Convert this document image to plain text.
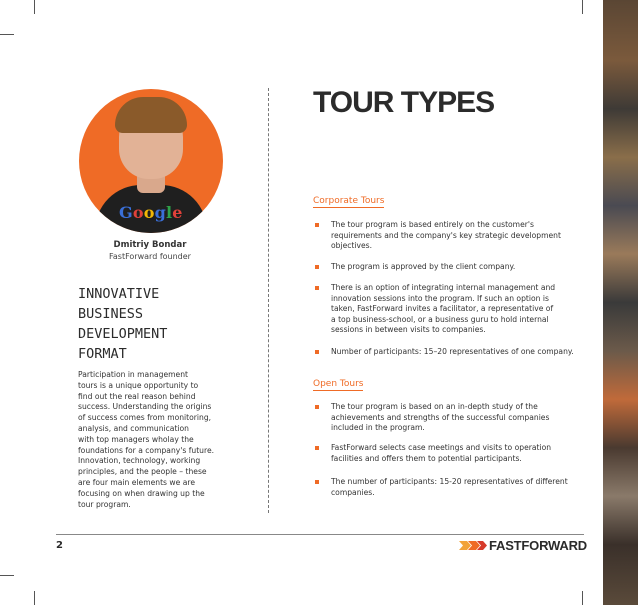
Google
Dmitriy Bondar
FastForward founder
INNOVATIVE
BUSINESS
DEVELOPMENT
FORMAT
Participation in management
tours is a unique opportunity to
find out the real reason behind
success. Understanding the origins
of success comes from monitoring,
analysis, and communication
with top managers wholay the
foundations for a company's future.
Innovation, technology, working
principles, and the people – these
are four main elements we are
focusing on when drawing up the
tour program.
TOUR TYPES
Corporate Tours
The tour program is based entirely on the customer's
requirements and the company's key strategic development
objectives.
The program is approved by the client company.
There is an option of integrating internal management and
innovation sessions into the program. If such an option is
taken, FastForward invites a facilitator, a representative of
a top business-school, or a business guru to hold internal
sessions in between visits to companies.
Number of participants: 15–20 representatives of one company.
Open Tours
The tour program is based on an in-depth study of the
achievements and strengths of the successful companies
included in the program.
FastForward selects case meetings and visits to operation
facilities and offers them to potential participants.
The number of participants: 15-20 representatives of different
companies.
2	FASTFORWARD
